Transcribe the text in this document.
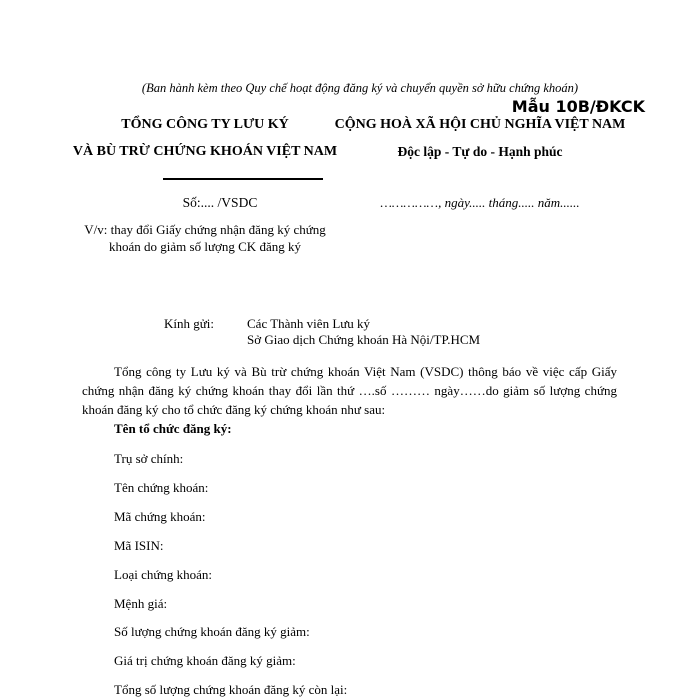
(Ban hành kèm theo Quy chế hoạt động đăng ký và chuyển quyền sở hữu chứng khoán)
Mẫu 10B/ĐKCK
TỔNG CÔNG TY LƯU KÝ
VÀ BÙ TRỪ CHỨNG KHOÁN VIỆT NAM
CỘNG HOÀ XÃ HỘI CHỦ NGHĨA VIỆT NAM
Độc lập - Tự do - Hạnh phúc
Số:.... /VSDC	……………, ngày..... tháng..... năm......
V/v: thay đổi Giấy chứng nhận đăng ký chứng
khoán do giảm số lượng CK đăng ký
Kính gửi:	Các Thành viên Lưu ký
Sở Giao dịch Chứng khoán Hà Nội/TP.HCM
Tổng công ty Lưu ký và Bù trừ chứng khoán Việt Nam (VSDC) thông báo về việc cấp Giấy chứng nhận đăng ký chứng khoán thay đổi lần thứ ….số ……… ngày……do giảm số lượng chứng khoán đăng ký cho tổ chức đăng ký chứng khoán như sau:
Tên tổ chức đăng ký:
Trụ sở chính:
Tên chứng khoán:
Mã chứng khoán:
Mã ISIN:
Loại chứng khoán:
Mệnh giá:
Số lượng chứng khoán đăng ký giảm:
Giá trị chứng khoán đăng ký giảm:
Tổng số lượng chứng khoán đăng ký còn lại:
